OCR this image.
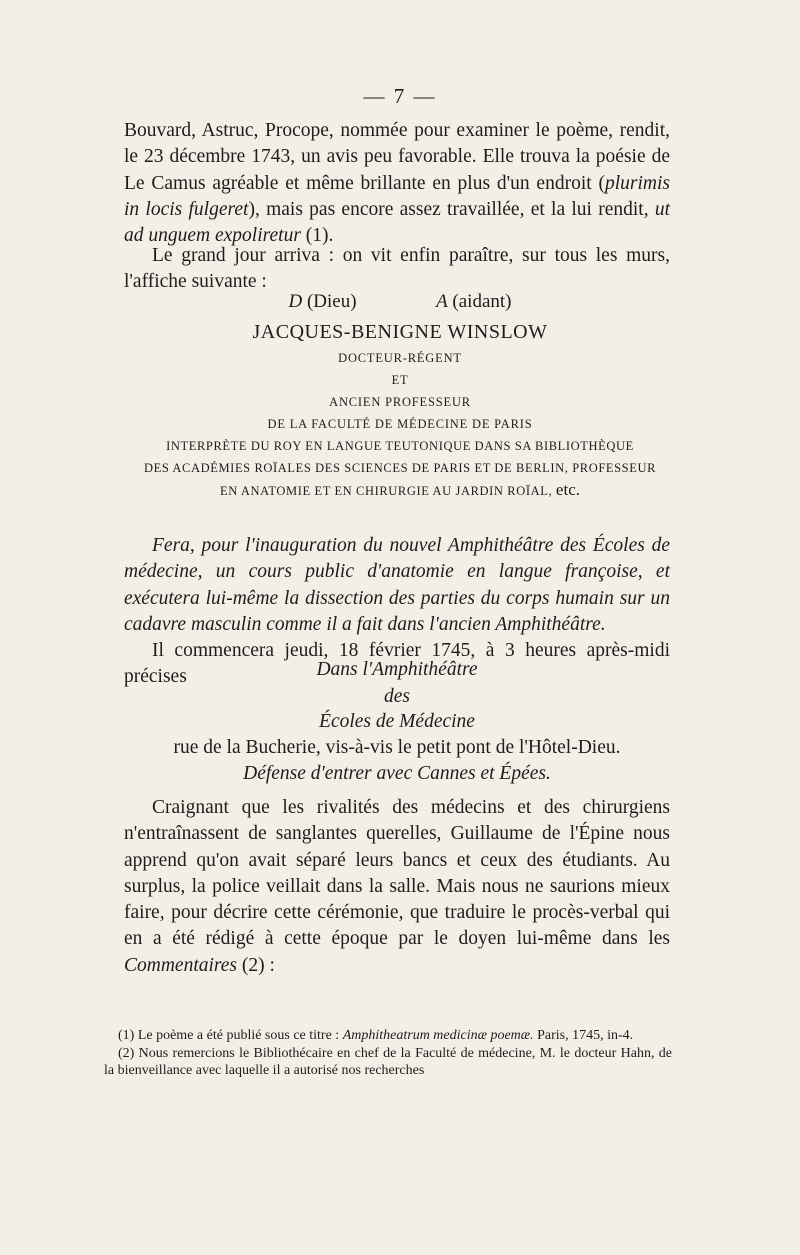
— 7 —
Bouvard, Astruc, Procope, nommée pour examiner le poème, rendit, le 23 décembre 1743, un avis peu favorable. Elle trouva la poésie de Le Camus agréable et même brillante en plus d'un endroit (plurimis in locis fulgeret), mais pas encore assez travaillée, et la lui rendit, ut ad unguem expoliretur (1).
Le grand jour arriva : on vit enfin paraître, sur tous les murs, l'affiche suivante :
D (Dieu)	A (aidant)
JACQUES-BENIGNE WINSLOW
DOCTEUR-RÉGENT
ET
ANCIEN PROFESSEUR
DE LA FACULTÉ DE MÉDECINE DE PARIS
INTERPRÈTE DU ROY EN LANGUE TEUTONIQUE DANS SA BIBLIOTHÈQUE
DES ACADÉMIES ROÏALES DES SCIENCES DE PARIS ET DE BERLIN, PROFESSEUR
EN ANATOMIE ET EN CHIRURGIE AU JARDIN ROÏAL, etc.
Fera, pour l'inauguration du nouvel Amphithéâtre des Écoles de médecine, un cours public d'anatomie en langue françoise, et exécutera lui-même la dissection des parties du corps humain sur un cadavre masculin comme il a fait dans l'ancien Amphithéâtre.
Il commencera jeudi, 18 février 1745, à 3 heures après-midi précises	Dans l'Amphithéâtre
des
Écoles de Médecine
rue de la Bucherie, vis-à-vis le petit pont de l'Hôtel-Dieu.
Défense d'entrer avec Cannes et Épées.
Craignant que les rivalités des médecins et des chirurgiens n'entraînassent de sanglantes querelles, Guillaume de l'Épine nous apprend qu'on avait séparé leurs bancs et ceux des étudiants. Au surplus, la police veillait dans la salle. Mais nous ne saurions mieux faire, pour décrire cette cérémonie, que traduire le procès-verbal qui en a été rédigé à cette époque par le doyen lui-même dans les Commentaires (2) :

(1) Le poème a été publié sous ce titre : Amphitheatrum medicinæ poemæ. Paris, 1745, in-4.

(2) Nous remercions le Bibliothécaire en chef de la Faculté de médecine, M. le docteur Hahn, de la bienveillance avec laquelle il a autorisé nos recherches
